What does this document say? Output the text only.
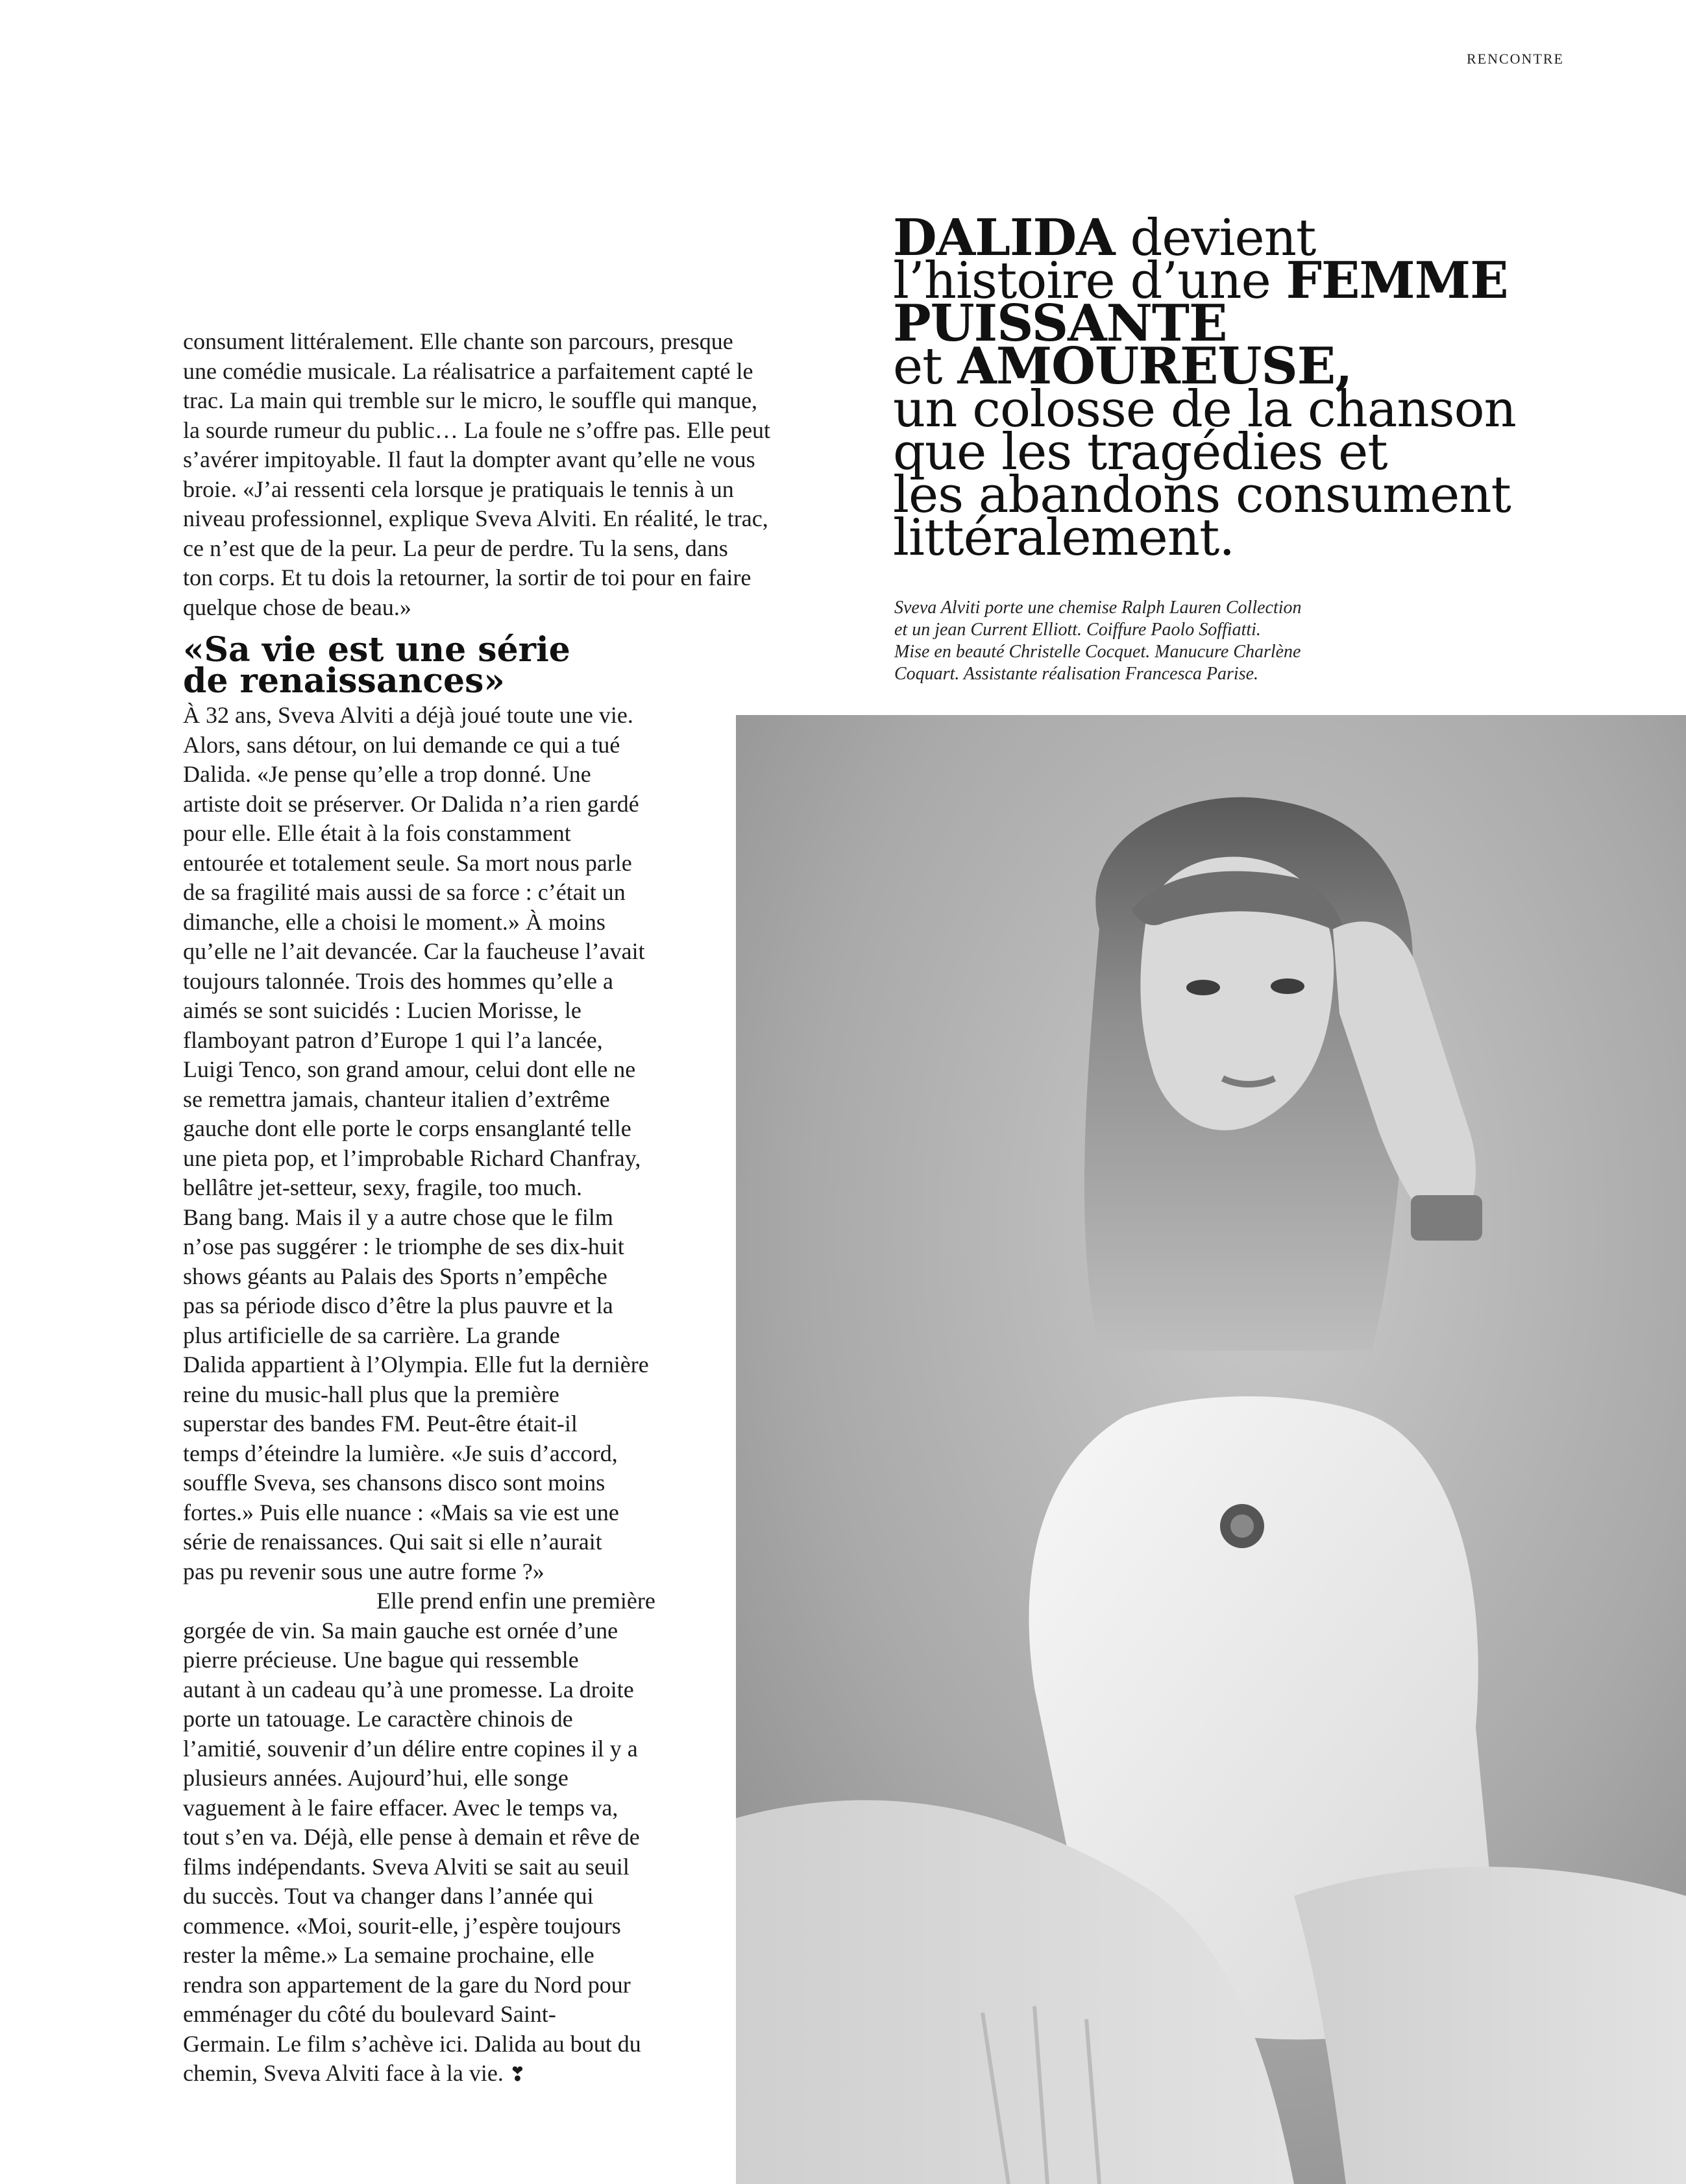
RENCONTRE
DALIDA devient
l’histoire d’une FEMME
PUISSANTE
et AMOUREUSE,
un colosse de la chanson
que les tragédies et
les abandons consument
littéralement.
Sveva Alviti porte une chemise Ralph Lauren Collection
et un jean Current Elliott. Coiffure Paolo Soffiatti.
Mise en beauté Christelle Cocquet. Manucure Charlène
Coquart. Assistante réalisation Francesca Parise.
consument littéralement. Elle chante son parcours, presque
une comédie musicale. La réalisatrice a parfaitement capté le
trac. La main qui tremble sur le micro, le souffle qui manque,
la sourde rumeur du public… La foule ne s’offre pas. Elle peut
s’avérer impitoyable. Il faut la dompter avant qu’elle ne vous
broie. «J’ai ressenti cela lorsque je pratiquais le tennis à un
niveau professionnel, explique Sveva Alviti. En réalité, le trac,
ce n’est que de la peur. La peur de perdre. Tu la sens, dans
ton corps. Et tu dois la retourner, la sortir de toi pour en faire
quelque chose de beau.»
«Sa vie est une série
de renaissances»
À 32 ans, Sveva Alviti a déjà joué toute une vie.
Alors, sans détour, on lui demande ce qui a tué
Dalida. «Je pense qu’elle a trop donné. Une
artiste doit se préserver. Or Dalida n’a rien gardé
pour elle. Elle était à la fois constamment
entourée et totalement seule. Sa mort nous parle
de sa fragilité mais aussi de sa force : c’était un
dimanche, elle a choisi le moment.» À moins
qu’elle ne l’ait devancée. Car la faucheuse l’avait
toujours talonnée. Trois des hommes qu’elle a
aimés se sont suicidés : Lucien Morisse, le
flamboyant patron d’Europe 1 qui l’a lancée,
Luigi Tenco, son grand amour, celui dont elle ne
se remettra jamais, chanteur italien d’extrême
gauche dont elle porte le corps ensanglanté telle
une pieta pop, et l’improbable Richard Chanfray,
bellâtre jet-setteur, sexy, fragile, too much.
Bang bang. Mais il y a autre chose que le film
n’ose pas suggérer : le triomphe de ses dix-huit
shows géants au Palais des Sports n’empêche
pas sa période disco d’être la plus pauvre et la
plus artificielle de sa carrière. La grande
Dalida appartient à l’Olympia. Elle fut la dernière
reine du music-hall plus que la première
superstar des bandes FM. Peut-être était-il
temps d’éteindre la lumière. «Je suis d’accord,
souffle Sveva, ses chansons disco sont moins
fortes.» Puis elle nuance : «Mais sa vie est une
série de renaissances. Qui sait si elle n’aurait
pas pu revenir sous une autre forme ?»
Elle prend enfin une première
gorgée de vin. Sa main gauche est ornée d’une
pierre précieuse. Une bague qui ressemble
autant à un cadeau qu’à une promesse. La droite
porte un tatouage. Le caractère chinois de
l’amitié, souvenir d’un délire entre copines il y a
plusieurs années. Aujourd’hui, elle songe
vaguement à le faire effacer. Avec le temps va,
tout s’en va. Déjà, elle pense à demain et rêve de
films indépendants. Sveva Alviti se sait au seuil
du succès. Tout va changer dans l’année qui
commence. «Moi, sourit-elle, j’espère toujours
rester la même.» La semaine prochaine, elle
rendra son appartement de la gare du Nord pour
emménager du côté du boulevard Saint-
Germain. Le film s’achève ici. Dalida au bout du
chemin, Sveva Alviti face à la vie. ❣
